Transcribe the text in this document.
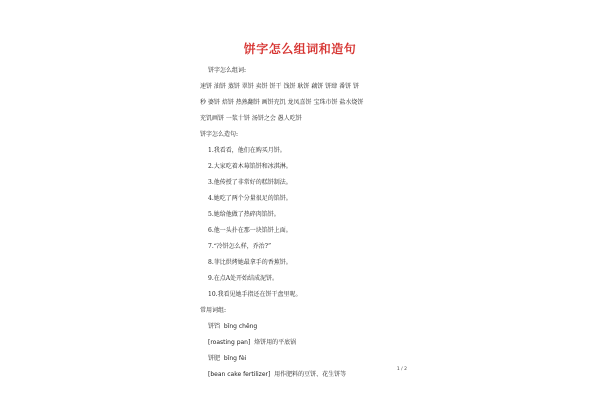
饼字怎么组词和造句

饼字怎么组词:

速饼 油饼 蒸饼 翠饼 卖饼 饼干 饯饼 耿饼 藕饼 饼肆 番饼 饼

秒 婆饼 焙饼 热熟翻饼 画饼充饥 龙凤喜饼 宝珠市饼 盐水烧饼

充饥画饼 一浆十饼 汤饼之会 愚人吃饼

饼字怎么造句:

1.我看看，他们在购买月饼。

2.大家吃着木莓馅饼和冰淇淋。

3.他传授了非常好的糕饼制法。

4.她吃了两个分量很足的馅饼。

5.她给他做了热碎肉馅饼。

6.他一头扑在那一块馅饼上面。

7.“冷饼怎么样，乔治?”

8.菲比烘烤她最拿手的香蕉饼。

9.在点A处开始结成泥饼。

10.我看见她手指还在饼干盘里呢。

常用词组:

饼铛 bǐng chēng

[roasting pan] 烙饼用的平底锅

饼肥 bǐng fèi

[bean cake fertilizer] 用作肥料的豆饼、花生饼等

1 / 2
